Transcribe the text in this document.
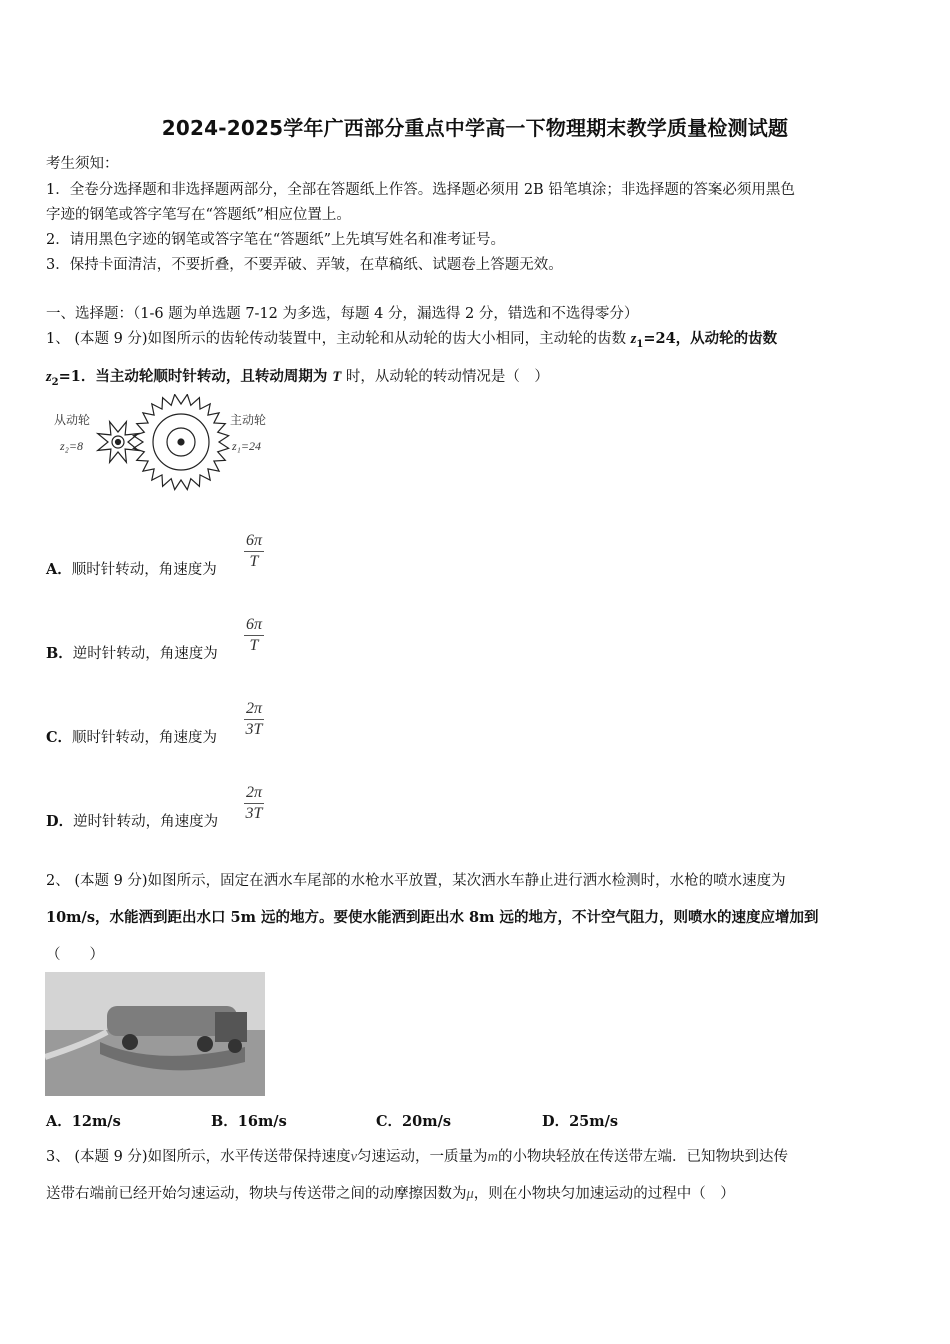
2024-2025学年广西部分重点中学高一下物理期末教学质量检测试题
考生须知：
1．全卷分选择题和非选择题两部分，全部在答题纸上作答。选择题必须用 2B 铅笔填涂；非选择题的答案必须用黑色
字迹的钢笔或答字笔写在“答题纸”相应位置上。
2．请用黑色字迹的钢笔或答字笔在“答题纸”上先填写姓名和准考证号。
3．保持卡面清洁，不要折叠，不要弄破、弄皱，在草稿纸、试题卷上答题无效。
一、选择题：（1-6 题为单选题 7-12 为多选，每题 4 分，漏选得 2 分，错选和不选得零分）
1、 (本题 9 分)如图所示的齿轮传动装置中，主动轮和从动轮的齿大小相同，主动轮的齿数 $z_1=24$，从动轮的齿数
$z_2=1$．当主动轮顺时针转动，且转动周期为 T 时，从动轮的转动情况是（　）
从动轮
z₂=8
主动轮
z₁=24
A．顺时针转动，角速度为
6π
T
B．逆时针转动，角速度为
6π
T
C．顺时针转动，角速度为
2π
3T
D．逆时针转动，角速度为
2π
3T
2、 (本题 9 分)如图所示，固定在洒水车尾部的水枪水平放置，某次洒水车静止进行洒水检测时，水枪的喷水速度为
10m/s，水能洒到距出水口 5m 远的地方。要使水能洒到距出水 8m 远的地方，不计空气阻力，则喷水的速度应增加到
（　　）
A．12m/s	B．16m/s	C．20m/s	D．25m/s
3、 (本题 9 分)如图所示，水平传送带保持速度v匀速运动，一质量为m的小物块轻放在传送带左端．已知物块到达传
送带右端前已经开始匀速运动，物块与传送带之间的动摩擦因数为μ，则在小物块匀加速运动的过程中（　）
